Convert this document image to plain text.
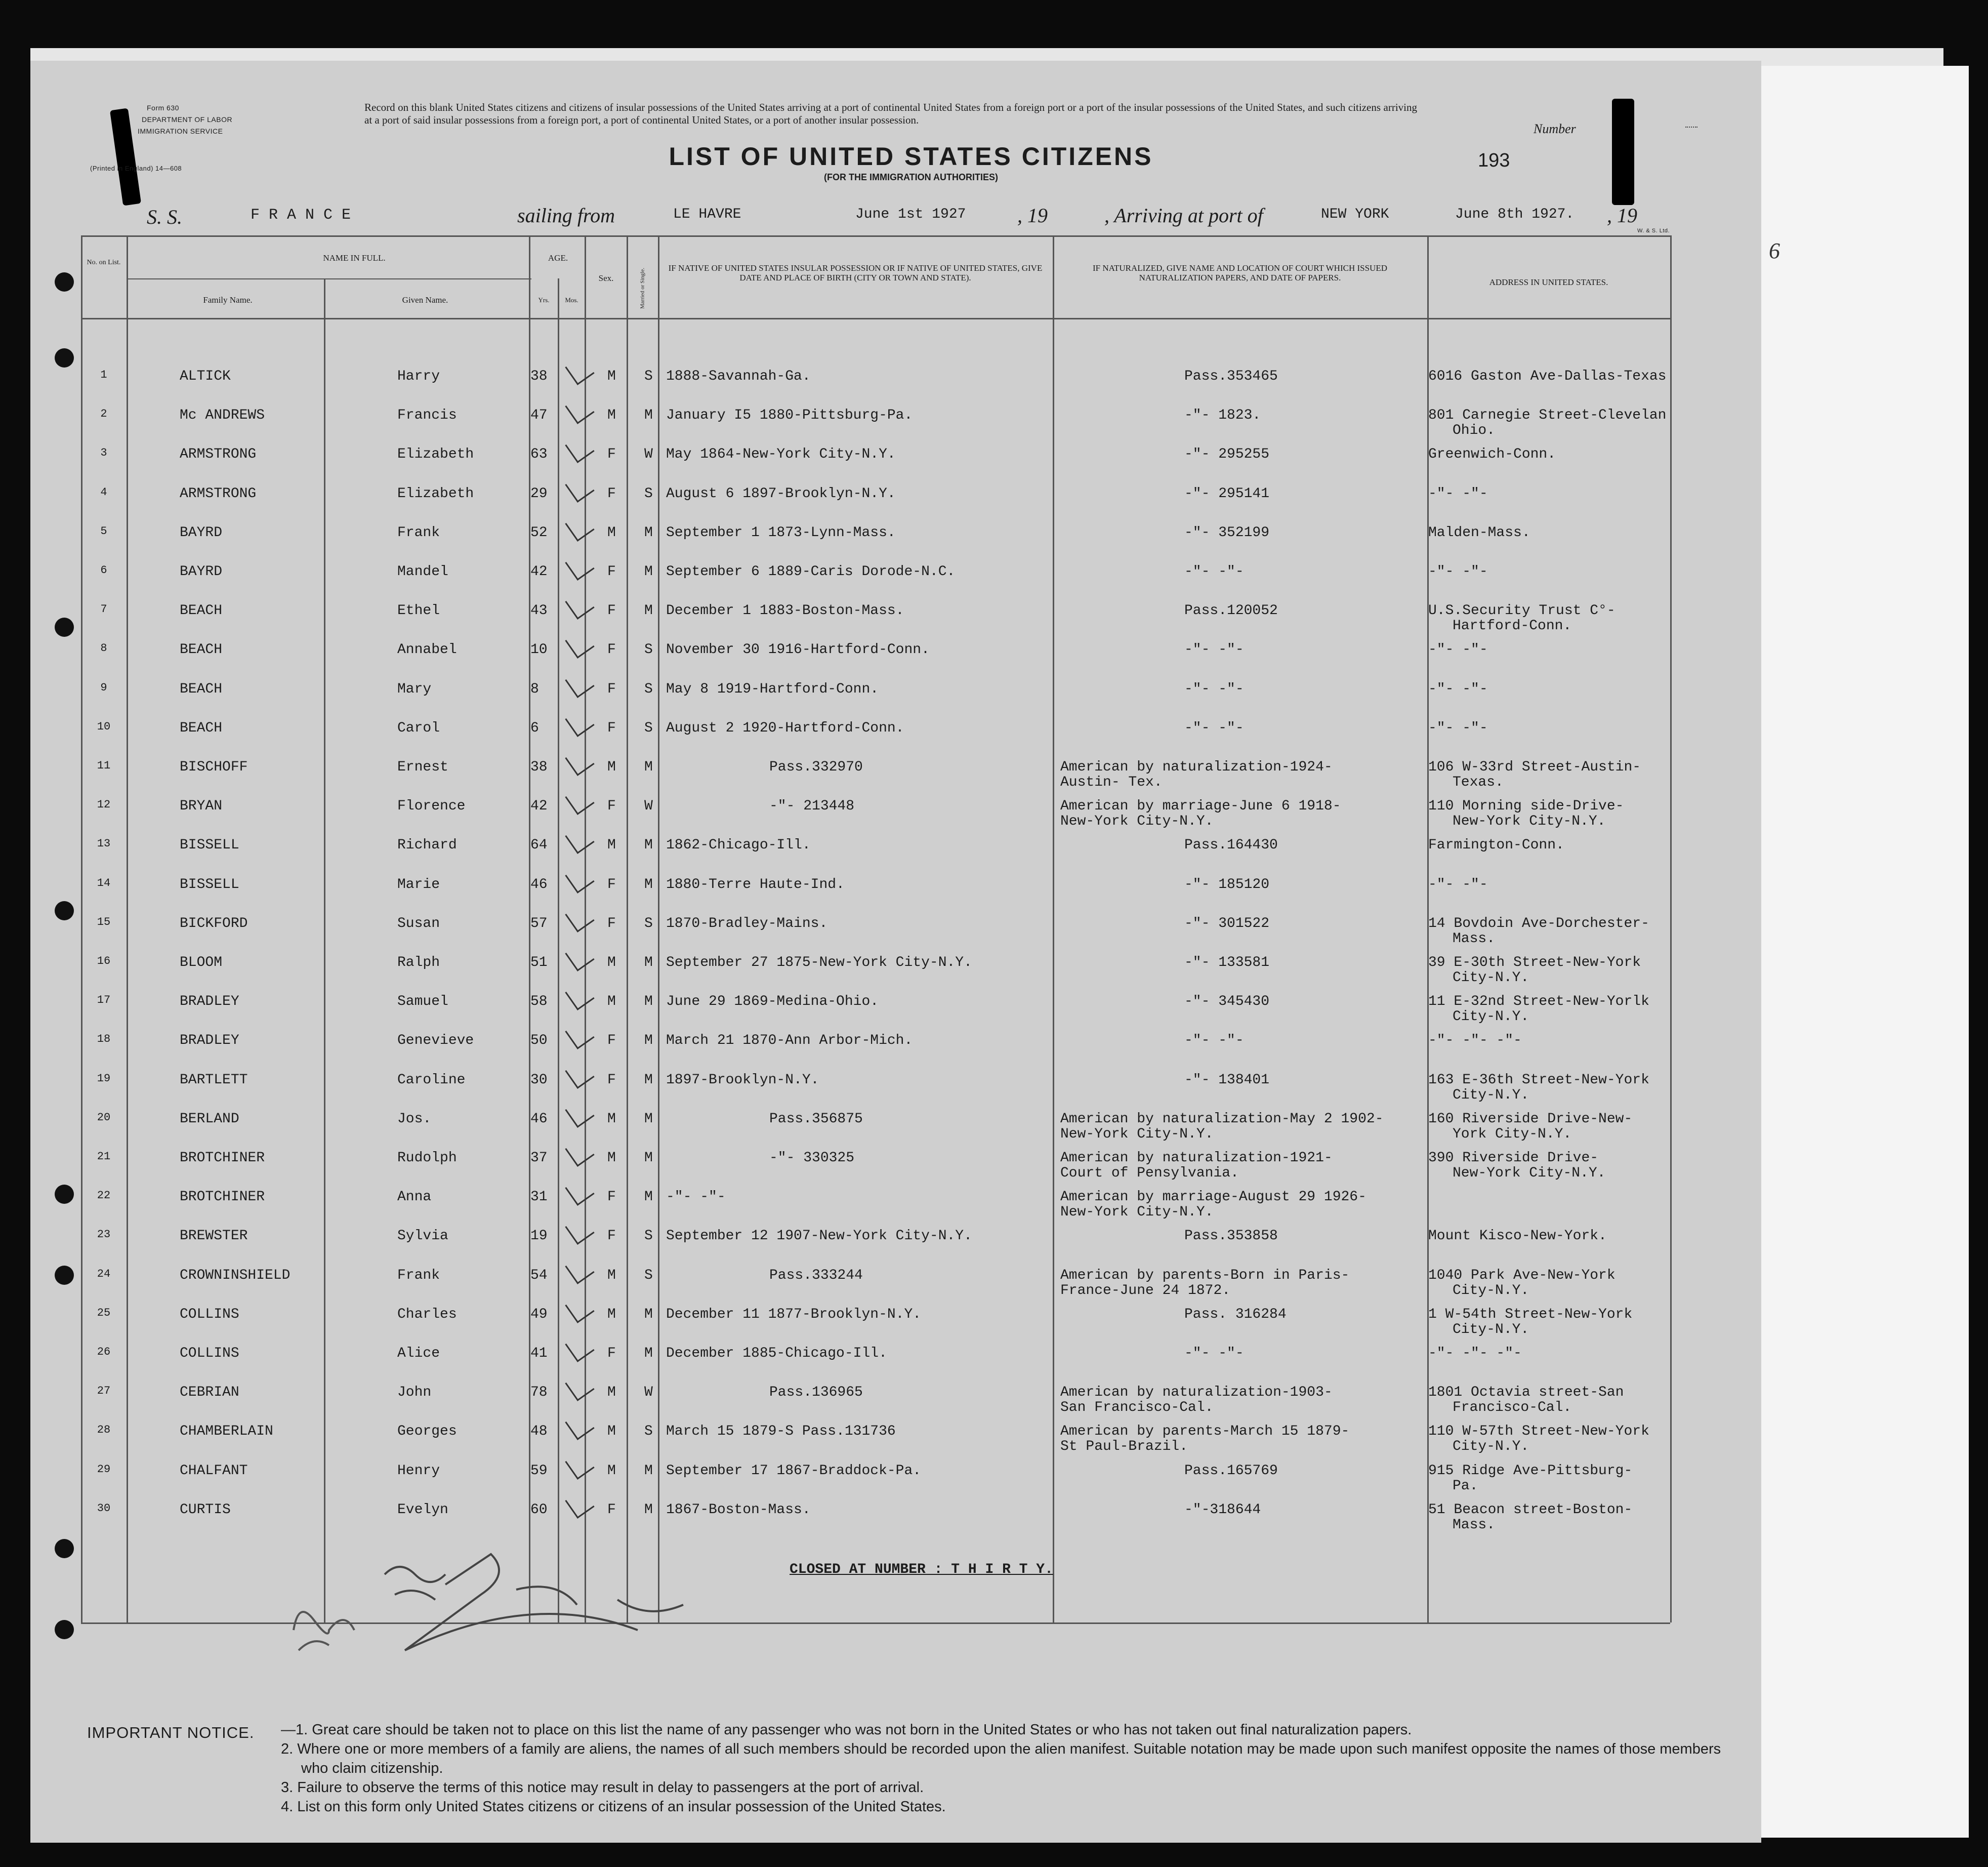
Form 630
DEPARTMENT OF LABOR
IMMIGRATION SERVICE
(Printed in England) 14—608
Record on this blank United States citizens and citizens of insular possessions of the United States arriving at a port of continental United States from a foreign port or a port of the insular possessions of the United States, and such citizens arriving at a port of said insular possessions from a foreign port, a port of continental United States, or a port of another insular possession.
LIST OF UNITED STATES CITIZENS
(FOR THE IMMIGRATION AUTHORITIES)
Number
193
6
S. S.	F R A N C E	sailing from	LE HAVRE	June 1st 1927	, 19	, Arriving at port of	NEW YORK	June 8th 1927. , 19
W. & S. Ltd.
No. on List.	NAME IN FULL.
Family Name.	Given Name.
AGE.
Yrs.	Mos.
Sex.	Married or Single.	IF NATIVE OF UNITED STATES INSULAR POSSESSION OR IF NATIVE OF UNITED STATES, GIVE DATE AND PLACE OF BIRTH (CITY OR TOWN AND STATE).
IF NATURALIZED, GIVE NAME AND LOCATION OF COURT WHICH ISSUED NATURALIZATION PAPERS, AND DATE OF PAPERS.	ADDRESS IN UNITED STATES.
1	ALTICK	Harry	38	M S 1888-Savannah-Ga.	Pass.353465	6016 Gaston Ave-Dallas-Texas
2	Mc ANDREWS	Francis	47	M M January I5 1880-Pittsburg-Pa.	-"- 1823.	801 Carnegie Street-Clevelan
Ohio.
3	ARMSTRONG	Elizabeth	63	F W May 1864-New-York City-N.Y.	-"- 295255	Greenwich-Conn.
4	ARMSTRONG	Elizabeth	29	F S August 6 1897-Brooklyn-N.Y.	-"- 295141	-"- -"-
5	BAYRD	Frank	52	M M September 1 1873-Lynn-Mass.	-"- 352199	Malden-Mass.
6	BAYRD	Mandel	42	F M September 6 1889-Caris Dorode-N.C.	-"- -"-	-"- -"-
7	BEACH	Ethel	43	F M December 1 1883-Boston-Mass.	Pass.120052	U.S.Security Trust C°-
Hartford-Conn.
8	BEACH	Annabel	10	F S November 30 1916-Hartford-Conn.	-"- -"-	-"- -"-
9	BEACH	Mary	8	F S May 8 1919-Hartford-Conn.	-"- -"-	-"- -"-
10	BEACH	Carol	6	F S August 2 1920-Hartford-Conn.	-"- -"-	-"- -"-
11	BISCHOFF	Ernest	38	M M	Pass.332970	American by naturalization-1924-	106 W-33rd Street-Austin-
Austin- Tex.	Texas.
12	BRYAN	Florence	42	F W	-"- 213448	American by marriage-June 6 1918-	110 Morning side-Drive-
New-York City-N.Y.	New-York City-N.Y.
13	BISSELL	Richard	64	M M 1862-Chicago-Ill.	Pass.164430	Farmington-Conn.
14	BISSELL	Marie	46	F M 1880-Terre Haute-Ind.	-"- 185120	-"- -"-
15	BICKFORD	Susan	57	F S 1870-Bradley-Mains.	-"- 301522	14 Bovdoin Ave-Dorchester-
Mass.
16	BLOOM	Ralph	51	M M September 27 1875-New-York City-N.Y.	-"- 133581	39 E-30th Street-New-York
City-N.Y.
17	BRADLEY	Samuel	58	M M June 29 1869-Medina-Ohio.	-"- 345430	11 E-32nd Street-New-Yorlk
City-N.Y.
18	BRADLEY	Genevieve	50	F M March 21 1870-Ann Arbor-Mich.	-"- -"-	-"- -"- -"-
19	BARTLETT	Caroline	30	F M 1897-Brooklyn-N.Y.	-"- 138401	163 E-36th Street-New-York
City-N.Y.
20	BERLAND	Jos.	46	M M	Pass.356875	American by naturalization-May 2 1902-	160 Riverside Drive-New-
New-York City-N.Y.	York City-N.Y.
21	BROTCHINER	Rudolph	37	M M	-"- 330325	American by naturalization-1921-	390 Riverside Drive-
Court of Pensylvania.	New-York City-N.Y.
22	BROTCHINER	Anna	31	F M -"- -"-	American by marriage-August 29 1926-
New-York City-N.Y.
23	BREWSTER	Sylvia	19	F S September 12 1907-New-York City-N.Y.	Pass.353858	Mount Kisco-New-York.
24	CROWNINSHIELD	Frank	54	M S	Pass.333244	American by parents-Born in Paris-	1040 Park Ave-New-York
France-June 24 1872.	City-N.Y.
25	COLLINS	Charles	49	M M December 11 1877-Brooklyn-N.Y.	Pass. 316284	1 W-54th Street-New-York
City-N.Y.
26	COLLINS	Alice	41	F M December 1885-Chicago-Ill.	-"- -"-	-"- -"- -"-
27	CEBRIAN	John	78	M W	Pass.136965	American by naturalization-1903-	1801 Octavia street-San
San Francisco-Cal.	Francisco-Cal.
28	CHAMBERLAIN	Georges	48	M S March 15 1879-S Pass.131736	American by parents-March 15 1879-	110 W-57th Street-New-York
St Paul-Brazil.	City-N.Y.
29	CHALFANT	Henry	59	M M September 17 1867-Braddock-Pa.	Pass.165769	915 Ridge Ave-Pittsburg-
Pa.
30	CURTIS	Evelyn	60	F M 1867-Boston-Mass.	-"-318644	51 Beacon street-Boston-
Mass.
CLOSED AT NUMBER : T H I R T Y.
IMPORTANT NOTICE. —1. Great care should be taken not to place on this list the name of any passenger who was not born in the United States or who has not taken out final naturalization papers.
2. Where one or more members of a family are aliens, the names of all such members should be recorded upon the alien manifest. Suitable notation may be made upon such manifest opposite the names of those members who claim citizenship.
3. Failure to observe the terms of this notice may result in delay to passengers at the port of arrival.
4. List on this form only United States citizens or citizens of an insular possession of the United States.
